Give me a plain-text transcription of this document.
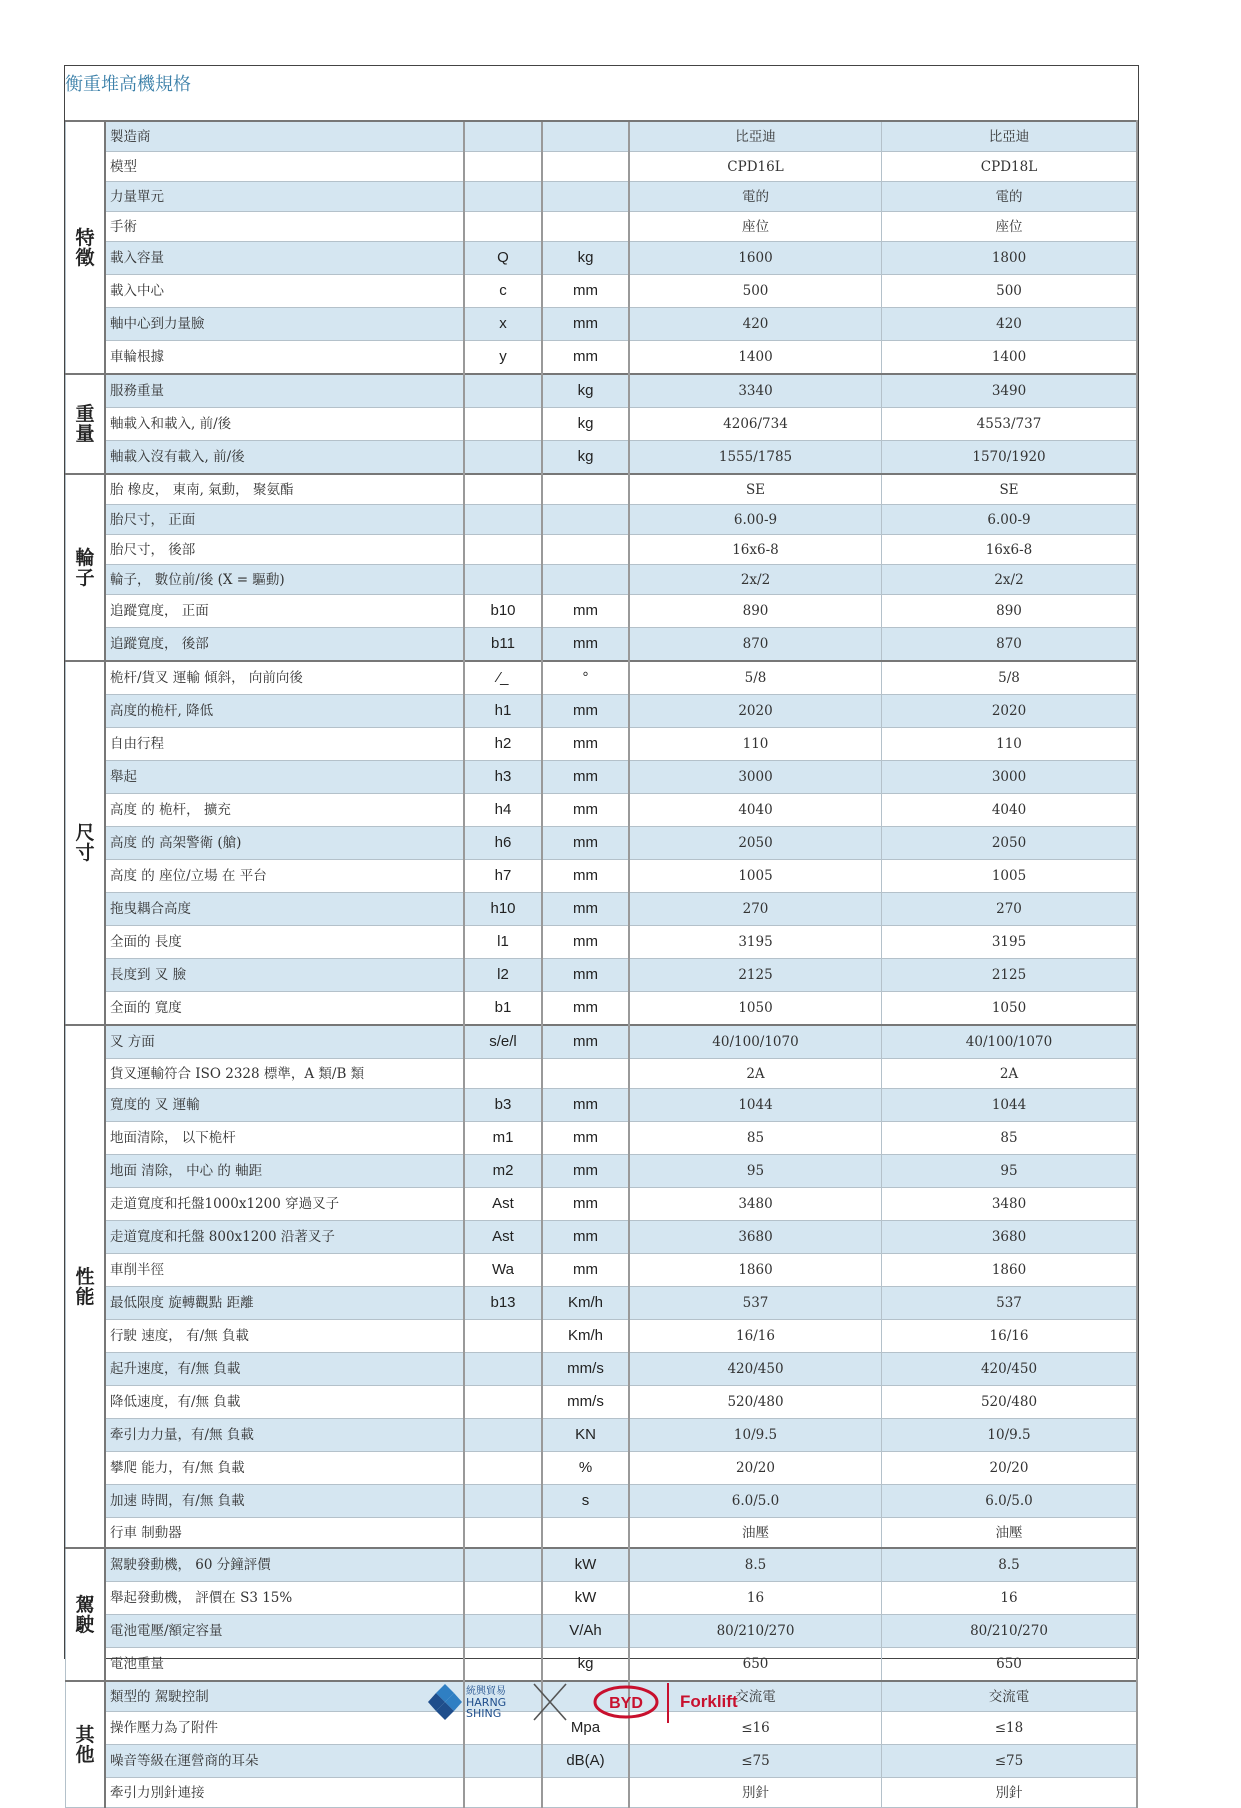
衡重堆高機規格
特徵	製造商			比亞迪	比亞迪
	模型			CPD16L	CPD18L
	力量單元			電的	電的
	手術			座位	座位
	載入容量	Q	kg	1600	1800
	載入中心	c	mm	500	500
	軸中心到力量臉	x	mm	420	420
	車輪根據	y	mm	1400	1400
重量	服務重量		kg	3340	3490
	軸載入和載入, 前/後		kg	4206/734	4553/737
	軸載入沒有載入, 前/後		kg	1555/1785	1570/1920
輪子	胎 橡皮， 東南, 氣動， 聚氨酯			SE	SE
	胎尺寸， 正面			6.00-9	6.00-9
	胎尺寸， 後部			16x6-8	16x6-8
	輪子， 數位前/後 (X = 驅動)			2x/2	2x/2
	追蹤寬度， 正面	b10	mm	890	890
	追蹤寬度， 後部	b11	mm	870	870
尺寸	桅杆/貨叉 運輸 傾斜， 向前向後	⁄_	°	5/8	5/8
	高度的桅杆, 降低	h1	mm	2020	2020
	自由行程	h2	mm	110	110
	舉起	h3	mm	3000	3000
	高度 的 桅杆， 擴充	h4	mm	4040	4040
	高度 的 高架警衛 (艙)	h6	mm	2050	2050
	高度 的 座位/立場 在 平台	h7	mm	1005	1005
	拖曳耦合高度	h10	mm	270	270
	全面的 長度	l1	mm	3195	3195
	長度到 叉 臉	l2	mm	2125	2125
	全面的 寬度	b1	mm	1050	1050
性能	叉 方面	s/e/l	mm	40/100/1070	40/100/1070
	貨叉運輸符合 ISO 2328 標準，A 類/B 類			2A	2A
	寬度的 叉 運輸	b3	mm	1044	1044
	地面清除， 以下桅杆	m1	mm	85	85
	地面 清除， 中心 的 軸距	m2	mm	95	95
	走道寬度和托盤1000x1200 穿過叉子	Ast	mm	3480	3480
	走道寬度和托盤 800x1200 沿著叉子	Ast	mm	3680	3680
	車削半徑	Wa	mm	1860	1860
	最低限度 旋轉觀點 距離	b13	Km/h	537	537
	行駛 速度， 有/無 負載		Km/h	16/16	16/16
	起升速度，有/無 負載		mm/s	420/450	420/450
	降低速度，有/無 負載		mm/s	520/480	520/480
	牽引力力量，有/無 負載		KN	10/9.5	10/9.5
	攀爬 能力，有/無 負載		%	20/20	20/20
	加速 時間，有/無 負載		s	6.0/5.0	6.0/5.0
	行車 制動器			油壓	油壓
駕駛	駕駛發動機， 60 分鐘評價		kW	8.5	8.5
	舉起發動機， 評價在 S3 15%		kW	16	16
	電池電壓/額定容量		V/Ah	80/210/270	80/210/270
	電池重量		kg	650	650
其他	類型的 駕駛控制			交流電	交流電
	操作壓力為了附件		Mpa	≤16	≤18
	噪音等級在運營商的耳朵		dB(A)	≤75	≤75
	牽引力別針連接			別針	別針
統興貿易
HARNG
SHING
BYD Forklift
